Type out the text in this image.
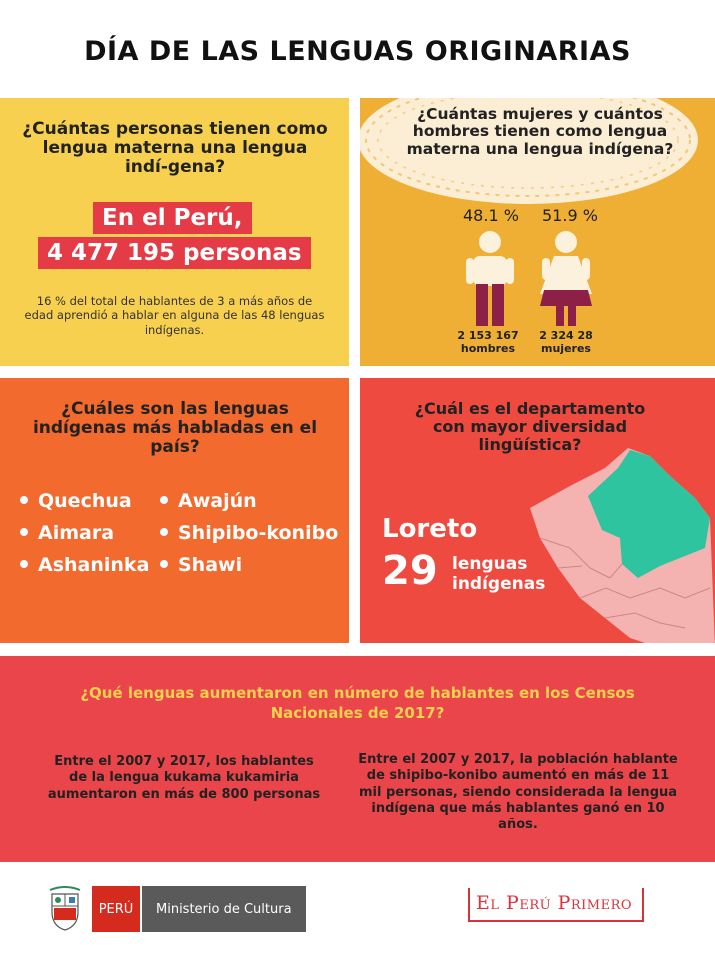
DÍA DE LAS LENGUAS ORIGINARIAS
¿Cuántas personas tienen como lengua materna una lengua indí-gena?
En el Perú,
4 477 195 personas
16 % del total de hablantes de 3 a más años de edad aprendió a hablar en alguna de las 48 lenguas indígenas.
¿Cuántas mujeres y cuántos hombres tienen como lengua materna una lengua indígena?
48.1 % 51.9 %
2 153 167
hombres
2 324 28
mujeres
¿Cuáles son las lenguas indígenas más habladas en el país?
Quechua
Aimara
Ashaninka
Awajún
Shipibo-konibo
Shawi
¿Cuál es el departamento con mayor diversidad lingüística?
Loreto
29 lenguas
indígenas
¿Qué lenguas aumentaron en número de hablantes en los Censos Nacionales de 2017?
Entre el 2007 y 2017, los hablantes de la lengua kukama kukamiria aumentaron en más de 800 personas
Entre el 2007 y 2017, la población hablante de shipibo-konibo aumentó en más de 11 mil personas, siendo considerada la lengua indígena que más hablantes ganó en 10 años.
PERÚ	Ministerio de Cultura	El Perú Primero
